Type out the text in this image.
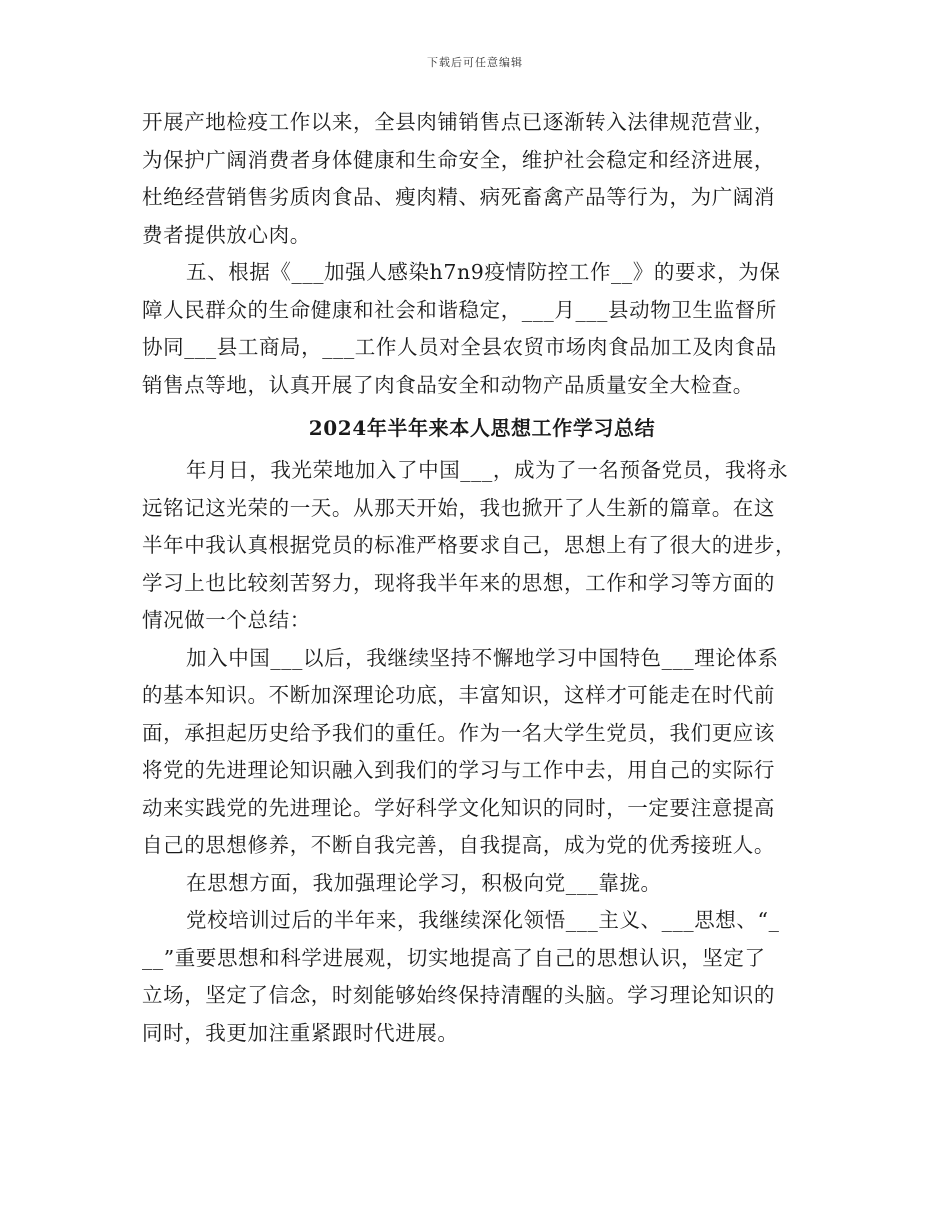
下载后可任意编辑
开展产地检疫工作以来，全县肉铺销售点已逐渐转入法律规范营业，
为保护广阔消费者身体健康和生命安全，维护社会稳定和经济进展，
杜绝经营销售劣质肉食品、瘦肉精、病死畜禽产品等行为，为广阔消
费者提供放心肉。
五、根据《___加强人感染h7n9疫情防控工作__》的要求，为保
障人民群众的生命健康和社会和谐稳定，___月___县动物卫生监督所
协同___县工商局，___工作人员对全县农贸市场肉食品加工及肉食品
销售点等地，认真开展了肉食品安全和动物产品质量安全大检查。
2024年半年来本人思想工作学习总结
年月日，我光荣地加入了中国___，成为了一名预备党员，我将永
远铭记这光荣的一天。从那天开始，我也掀开了人生新的篇章。在这
半年中我认真根据党员的标准严格要求自己，思想上有了很大的进步，
学习上也比较刻苦努力，现将我半年来的思想，工作和学习等方面的
情况做一个总结：
加入中国___以后，我继续坚持不懈地学习中国特色___理论体系
的基本知识。不断加深理论功底，丰富知识，这样才可能走在时代前
面，承担起历史给予我们的重任。作为一名大学生党员，我们更应该
将党的先进理论知识融入到我们的学习与工作中去，用自己的实际行
动来实践党的先进理论。学好科学文化知识的同时，一定要注意提高
自己的思想修养，不断自我完善，自我提高，成为党的优秀接班人。
在思想方面，我加强理论学习，积极向党___靠拢。
党校培训过后的半年来，我继续深化领悟___主义、___思想、“_
__”重要思想和科学进展观，切实地提高了自己的思想认识，坚定了
立场，坚定了信念，时刻能够始终保持清醒的头脑。学习理论知识的
同时，我更加注重紧跟时代进展。
